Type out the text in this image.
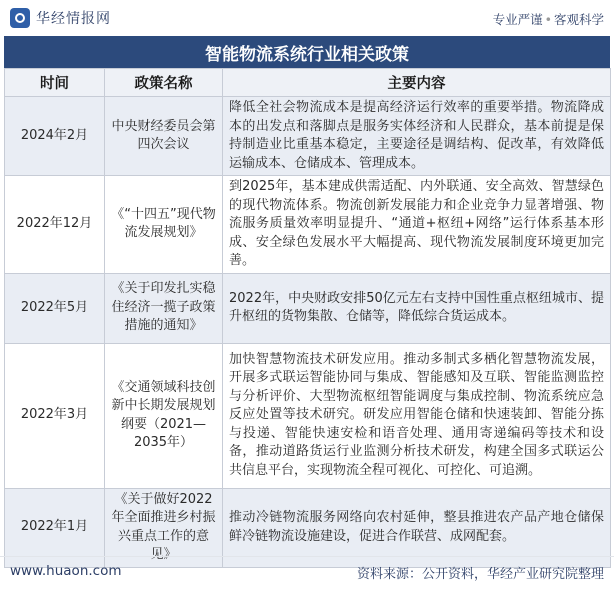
华经情报网	专业严谨 • 客观科学
智能物流系统行业相关政策
时间	政策名称	主要内容
2024年2月	中央财经委员会第四次会议	降低全社会物流成本是提高经济运行效率的重要举措。物流降成本的出发点和落脚点是服务实体经济和人民群众，基本前提是保持制造业比重基本稳定，主要途径是调结构、促改革，有效降低运输成本、仓储成本、管理成本。
2022年12月	《“十四五”现代物流发展规划》	到2025年，基本建成供需适配、内外联通、安全高效、智慧绿色的现代物流体系。物流创新发展能力和企业竞争力显著增强、物流服务质量效率明显提升、“通道+枢纽+网络”运行体系基本形成、安全绿色发展水平大幅提高、现代物流发展制度环境更加完善。
2022年5月	《关于印发扎实稳住经济一揽子政策措施的通知》	2022年，中央财政安排50亿元左右支持中国性重点枢纽城市、提升枢纽的货物集散、仓储等，降低综合货运成本。
2022年3月	《交通领域科技创新中长期发展规划纲要（2021—2035年）	加快智慧物流技术研发应用。推动多制式多栖化智慧物流发展，开展多式联运智能协同与集成、智能感知及互联、智能监测监控与分析评价、大型物流枢纽智能调度与集成控制、物流系统应急反应处置等技术研究。研发应用智能仓储和快速装卸、智能分拣与投递、智能快速安检和语音处理、通用寄递编码等技术和设备，推动道路货运行业监测分析技术研发，构建全国多式联运公共信息平台，实现物流全程可视化、可控化、可追溯。
2022年1月	《关于做好2022年全面推进乡村振兴重点工作的意见》	推动冷链物流服务网络向农村延伸，整县推进农产品产地仓储保鲜冷链物流设施建设，促进合作联营、成网配套。
www.huaon.com	资料来源：公开资料，华经产业研究院整理
